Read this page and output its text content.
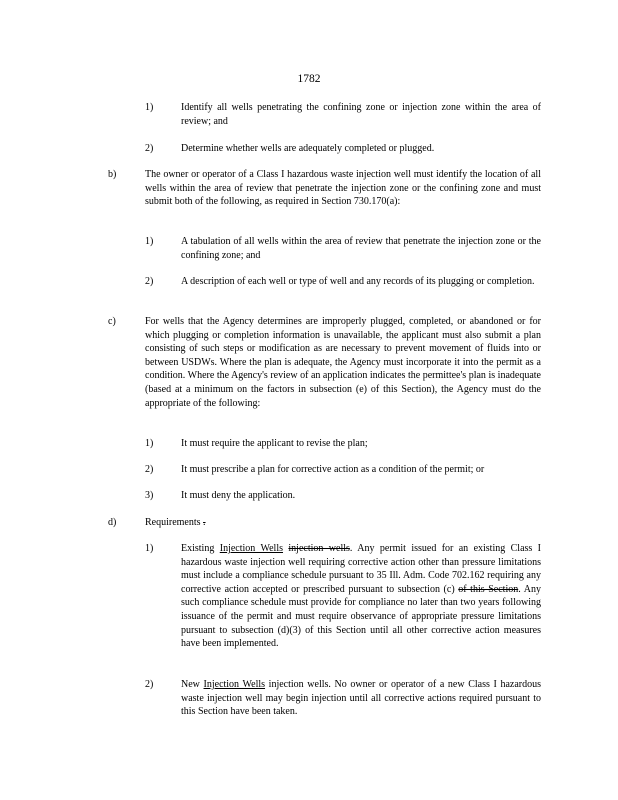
1782
1)	Identify all wells penetrating the confining zone or injection zone within the area of review; and
2)	Determine whether wells are adequately completed or plugged.
b)	The owner or operator of a Class I hazardous waste injection well must identify the location of all wells within the area of review that penetrate the injection zone or the confining zone and must submit both of the following, as required in Section 730.170(a):
1)	A tabulation of all wells within the area of review that penetrate the injection zone or the confining zone; and
2)	A description of each well or type of well and any records of its plugging or completion.
c)	For wells that the Agency determines are improperly plugged, completed, or abandoned or for which plugging or completion information is unavailable, the applicant must also submit a plan consisting of such steps or modification as are necessary to prevent movement of fluids into or between USDWs. Where the plan is adequate, the Agency must incorporate it into the permit as a condition. Where the Agency's review of an application indicates the permittee's plan is inadequate (based at a minimum on the factors in subsection (e) of this Section), the Agency must do the appropriate of the following:
1)	It must require the applicant to revise the plan;
2)	It must prescribe a plan for corrective action as a condition of the permit; or
3)	It must deny the application.
d)	Requirements .
1)	Existing Injection Wells injection wells. Any permit issued for an existing Class I hazardous waste injection well requiring corrective action other than pressure limitations must include a compliance schedule pursuant to 35 Ill. Adm. Code 702.162 requiring any corrective action accepted or prescribed pursuant to subsection (c) of this Section. Any such compliance schedule must provide for compliance no later than two years following issuance of the permit and must require observance of appropriate pressure limitations pursuant to subsection (d)(3) of this Section until all other corrective action measures have been implemented.
2)	New Injection Wells injection wells. No owner or operator of a new Class I hazardous waste injection well may begin injection until all corrective actions required pursuant to this Section have been taken.
